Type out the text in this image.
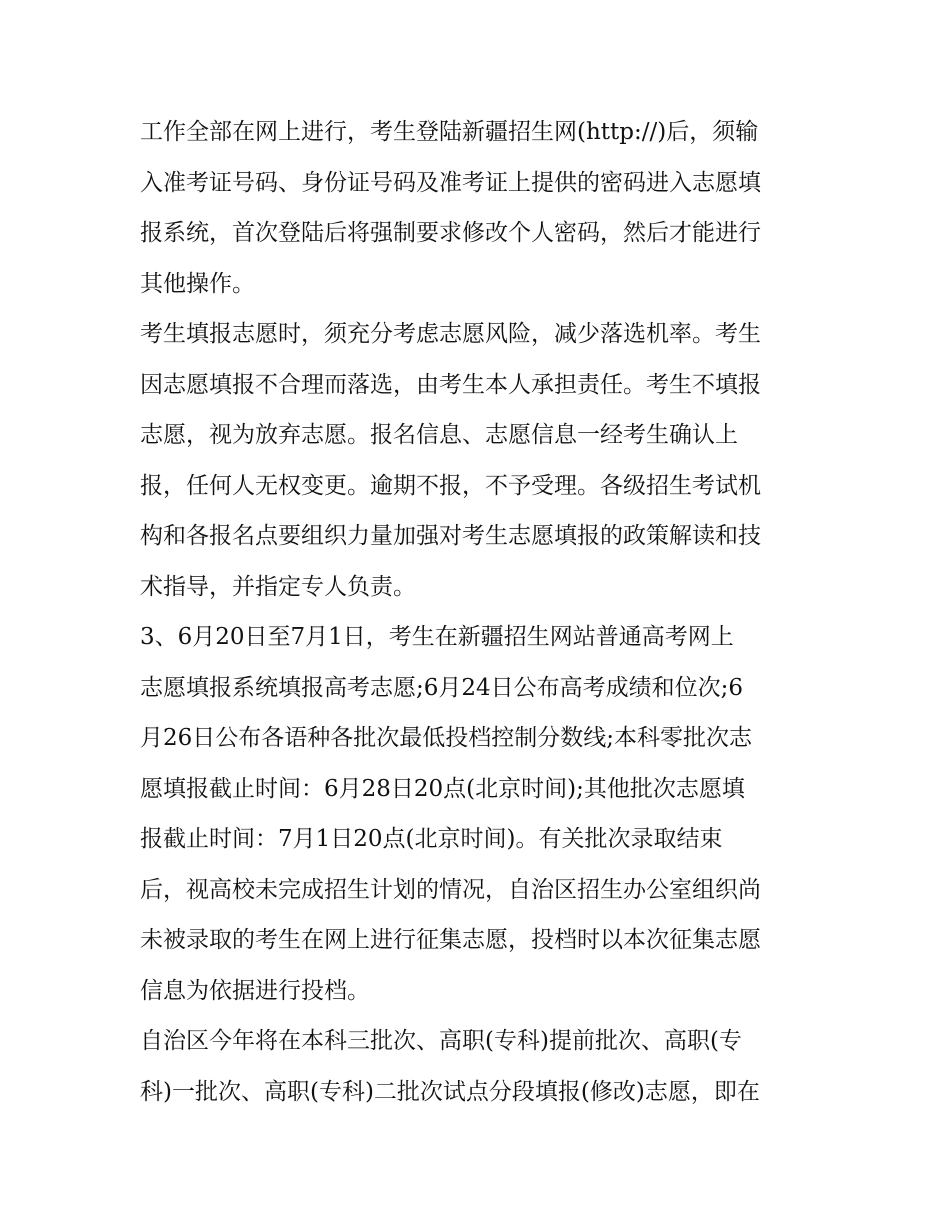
工作全部在网上进行，考生登陆新疆招生网(http://)后，须输
入准考证号码、身份证号码及准考证上提供的密码进入志愿填
报系统，首次登陆后将强制要求修改个人密码，然后才能进行
其他操作。
考生填报志愿时，须充分考虑志愿风险，减少落选机率。考生
因志愿填报不合理而落选，由考生本人承担责任。考生不填报
志愿，视为放弃志愿。报名信息、志愿信息一经考生确认上
报，任何人无权变更。逾期不报，不予受理。各级招生考试机
构和各报名点要组织力量加强对考生志愿填报的政策解读和技
术指导，并指定专人负责。
3、6月20日至7月1日，考生在新疆招生网站普通高考网上
志愿填报系统填报高考志愿;6月24日公布高考成绩和位次;6
月26日公布各语种各批次最低投档控制分数线;本科零批次志
愿填报截止时间：6月28日20点(北京时间);其他批次志愿填
报截止时间：7月1日20点(北京时间)。有关批次录取结束
后，视高校未完成招生计划的情况，自治区招生办公室组织尚
未被录取的考生在网上进行征集志愿，投档时以本次征集志愿
信息为依据进行投档。
自治区今年将在本科三批次、高职(专科)提前批次、高职(专
科)一批次、高职(专科)二批次试点分段填报(修改)志愿，即在
